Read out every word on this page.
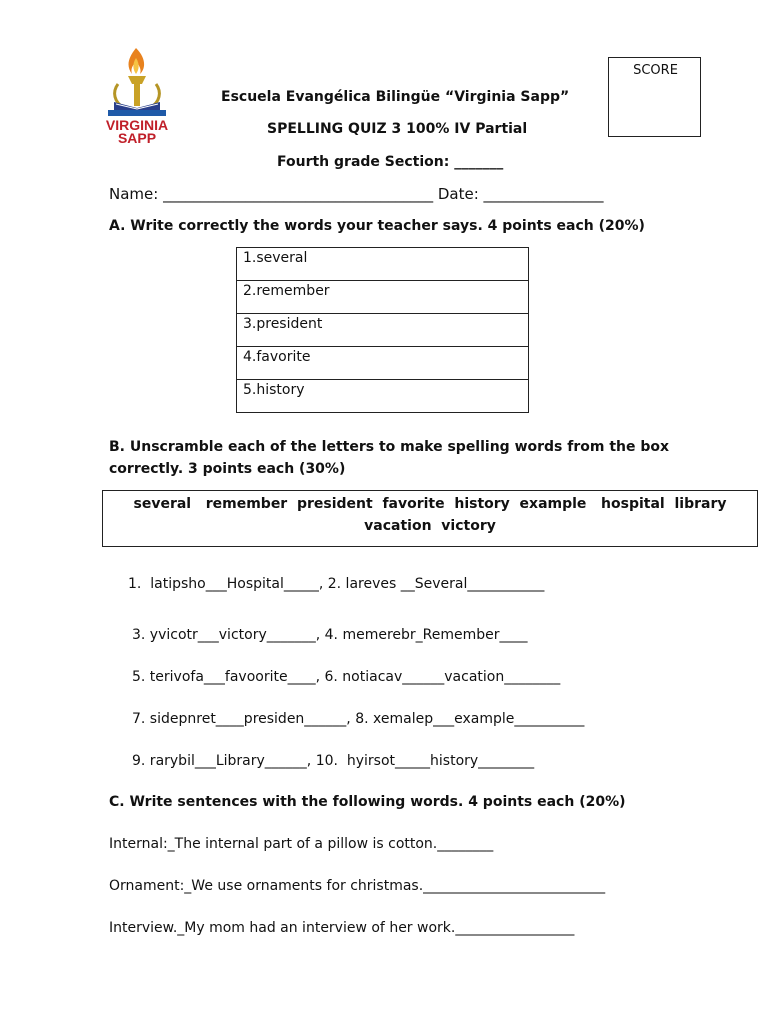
VIRGINIA
SAPP
Escuela Evangélica Bilingüe “Virginia Sapp”
SPELLING QUIZ 3 100% IV Partial
Fourth grade Section: _______
SCORE
Name: ____________________________________ Date: ________________
A. Write correctly the words your teacher says. 4 points each (20%)
1.several
2.remember
3.president
4.favorite
5.history
B. Unscramble each of the letters to make spelling words from the box
correctly. 3 points each (30%)
several   remember  president  favorite  history  example   hospital  library
vacation  victory
1.  latipsho___Hospital_____, 2. lareves __Several___________
3. yvicotr___victory_______, 4. memerebr_Remember____
5. terivofa___favoorite____, 6. notiacav______vacation________
7. sidepnret____presiden______, 8. xemalep___example__________
9. rarybil___Library______, 10.  hyirsot_____history________
C. Write sentences with the following words. 4 points each (20%)
Internal:_The internal part of a pillow is cotton.________
Ornament:_We use ornaments for christmas.__________________________
Interview._My mom had an interview of her work._________________
